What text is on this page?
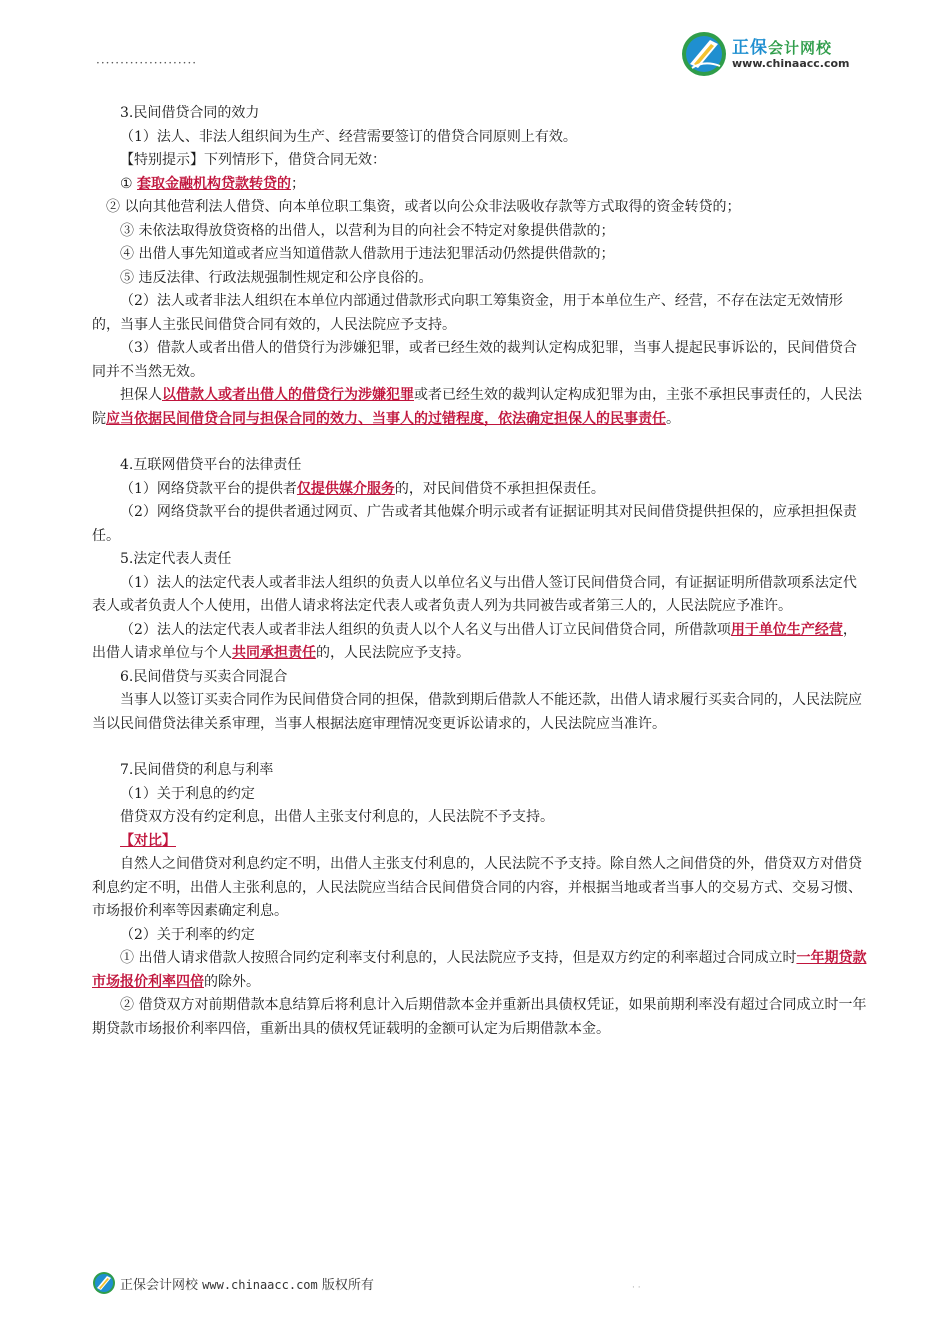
·····················
正保会计网校
www.chinaacc.com

3.民间借贷合同的效力

（1）法人、非法人组织间为生产、经营需要签订的借贷合同原则上有效。

【特别提示】下列情形下，借贷合同无效：

① 套取金融机构贷款转贷的；

② 以向其他营利法人借贷、向本单位职工集资，或者以向公众非法吸收存款等方式取得的资金转贷的；

③ 未依法取得放贷资格的出借人，以营利为目的向社会不特定对象提供借款的；

④ 出借人事先知道或者应当知道借款人借款用于违法犯罪活动仍然提供借款的；

⑤ 违反法律、行政法规强制性规定和公序良俗的。

（2）法人或者非法人组织在本单位内部通过借款形式向职工筹集资金，用于本单位生产、经营，不存在法定无效情形的，当事人主张民间借贷合同有效的，人民法院应予支持。

（3）借款人或者出借人的借贷行为涉嫌犯罪，或者已经生效的裁判认定构成犯罪，当事人提起民事诉讼的，民间借贷合同并不当然无效。

担保人以借款人或者出借人的借贷行为涉嫌犯罪或者已经生效的裁判认定构成犯罪为由，主张不承担民事责任的，人民法院应当依据民间借贷合同与担保合同的效力、当事人的过错程度，依法确定担保人的民事责任。

4.互联网借贷平台的法律责任

（1）网络贷款平台的提供者仅提供媒介服务的，对民间借贷不承担担保责任。

（2）网络贷款平台的提供者通过网页、广告或者其他媒介明示或者有证据证明其对民间借贷提供担保的，应承担担保责任。

5.法定代表人责任

（1）法人的法定代表人或者非法人组织的负责人以单位名义与出借人签订民间借贷合同，有证据证明所借款项系法定代表人或者负责人个人使用，出借人请求将法定代表人或者负责人列为共同被告或者第三人的，人民法院应予准许。

（2）法人的法定代表人或者非法人组织的负责人以个人名义与出借人订立民间借贷合同，所借款项用于单位生产经营，出借人请求单位与个人共同承担责任的，人民法院应予支持。

6.民间借贷与买卖合同混合

当事人以签订买卖合同作为民间借贷合同的担保，借款到期后借款人不能还款，出借人请求履行买卖合同的，人民法院应当以民间借贷法律关系审理，当事人根据法庭审理情况变更诉讼请求的，人民法院应当准许。

7.民间借贷的利息与利率

（1）关于利息的约定

借贷双方没有约定利息，出借人主张支付利息的，人民法院不予支持。

【对比】

自然人之间借贷对利息约定不明，出借人主张支付利息的，人民法院不予支持。除自然人之间借贷的外，借贷双方对借贷利息约定不明，出借人主张利息的，人民法院应当结合民间借贷合同的内容，并根据当地或者当事人的交易方式、交易习惯、市场报价利率等因素确定利息。

（2）关于利率的约定

① 出借人请求借款人按照合同约定利率支付利息的，人民法院应予支持，但是双方约定的利率超过合同成立时一年期贷款市场报价利率四倍的除外。

② 借贷双方对前期借款本息结算后将利息计入后期借款本金并重新出具债权凭证，如果前期利率没有超过合同成立时一年期贷款市场报价利率四倍，重新出具的债权凭证载明的金额可认定为后期借款本金。

正保会计网校 www.chinaacc.com 版权所有	· ·
